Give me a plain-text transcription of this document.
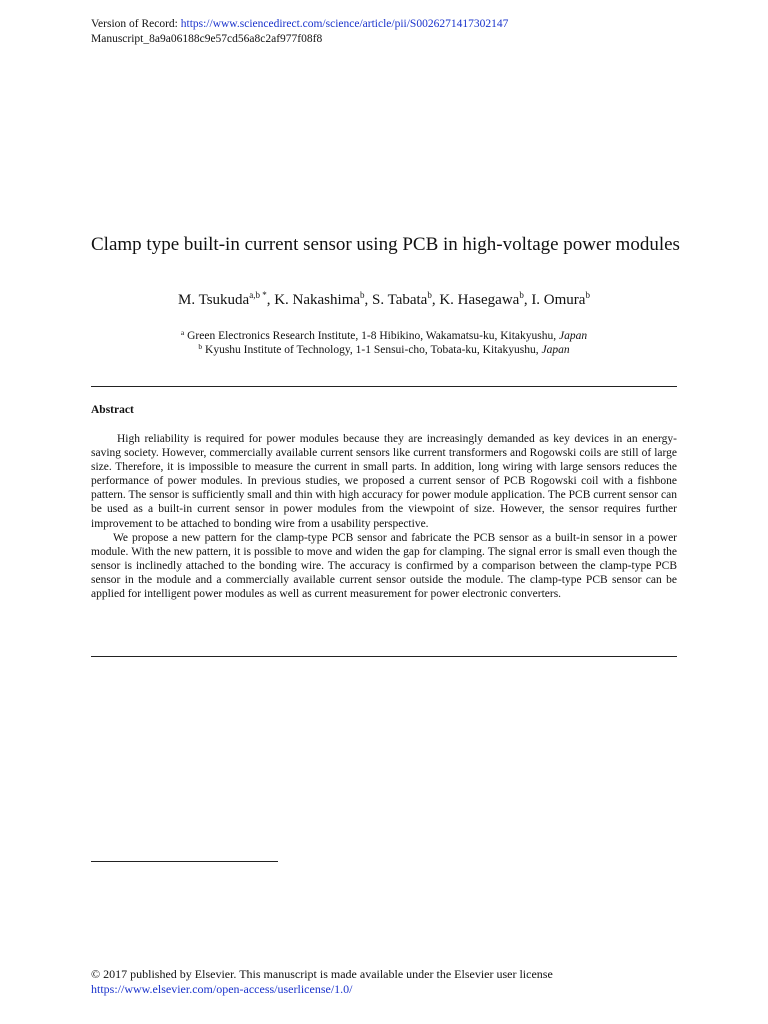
Version of Record: https://www.sciencedirect.com/science/article/pii/S0026271417302147
Manuscript_8a9a06188c9e57cd56a8c2af977f08f8
Clamp type built-in current sensor using PCB in high-voltage power modules
M. Tsukuda$^{a,b *}$, K. Nakashima$^b$, S. Tabata$^b$, K. Hasegawa$^b$, I. Omura$^b$
$^a$ Green Electronics Research Institute, 1-8 Hibikino, Wakamatsu-ku, Kitakyushu, Japan
$^b$ Kyushu Institute of Technology, 1-1 Sensui-cho, Tobata-ku, Kitakyushu, Japan
Abstract

High reliability is required for power modules because they are increasingly demanded as key devices in an energy-saving society. However, commercially available current sensors like current transformers and Rogowski coils are still of large size. Therefore, it is impossible to measure the current in small parts. In addition, long wiring with large sensors reduces the performance of power modules. In previous studies, we proposed a current sensor of PCB Rogowski coil with a fishbone pattern. The sensor is sufficiently small and thin with high accuracy for power module application. The PCB current sensor can be used as a built-in current sensor in power modules from the viewpoint of size. However, the sensor requires further improvement to be attached to bonding wire from a usability perspective.

We propose a new pattern for the clamp-type PCB sensor and fabricate the PCB sensor as a built-in sensor in a power module. With the new pattern, it is possible to move and widen the gap for clamping. The signal error is small even though the sensor is inclinedly attached to the bonding wire. The accuracy is confirmed by a comparison between the clamp-type PCB sensor in the module and a commercially available current sensor outside the module. The clamp-type PCB sensor can be applied for intelligent power modules as well as current measurement for power electronic converters.

© 2017 published by Elsevier. This manuscript is made available under the Elsevier user license
https://www.elsevier.com/open-access/userlicense/1.0/
